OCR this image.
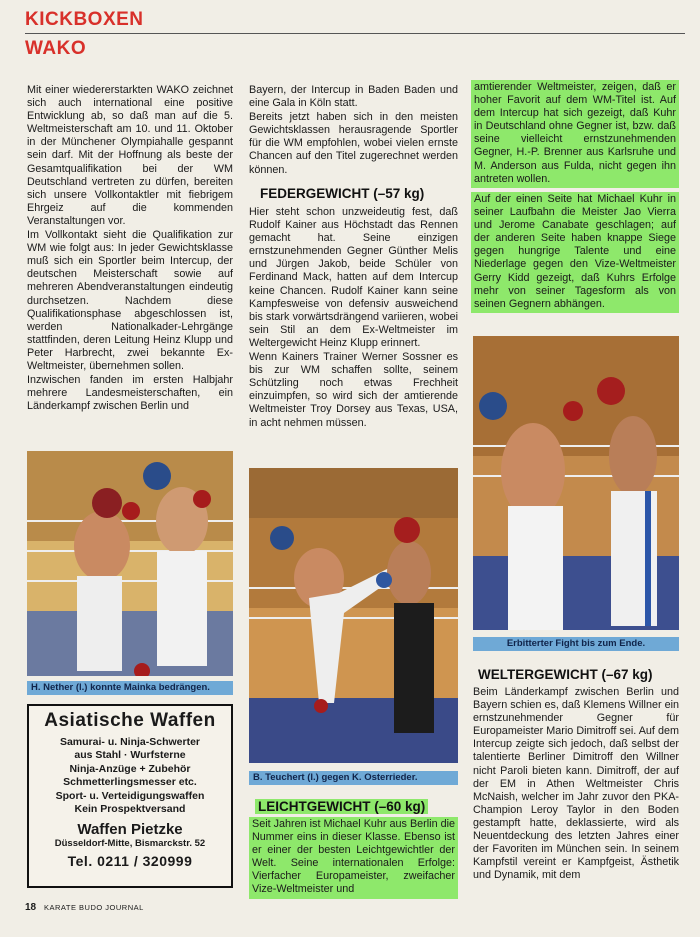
KICKBOXEN
WAKO

Mit einer wiedererstarkten WAKO zeichnet sich auch international eine positive Entwicklung ab, so daß man auf die 5. Weltmeisterschaft am 10. und 11. Oktober in der Münchener Olympiahalle gespannt sein darf. Mit der Hoffnung als beste der Gesamtqualifikation bei der WM Deutschland vertreten zu dürfen, bereiten sich unsere Vollkontaktler mit fiebrigem Ehrgeiz auf die kommenden Veranstaltungen vor.

Im Vollkontakt sieht die Qualifikation zur WM wie folgt aus: In jeder Gewichtsklasse muß sich ein Sportler beim Intercup, der deutschen Meisterschaft sowie auf mehreren Abendveranstaltungen eindeutig durchsetzen. Nachdem diese Qualifikationsphase abgeschlossen ist, werden Nationalkader-Lehrgänge stattfinden, deren Leitung Heinz Klupp und Peter Harbrecht, zwei bekannte Ex-Weltmeister, übernehmen sollen.

Inzwischen fanden im ersten Halbjahr mehrere Landesmeisterschaften, ein Länderkampf zwischen Berlin und

H. Nether (l.) konnte Mainka bedrängen.
Asiatische Waffen
Samurai- u. Ninja-Schwerter
aus Stahl · Wurfsterne
Ninja-Anzüge + Zubehör
Schmetterlingsmesser etc.
Sport- u. Verteidigungswaffen
Kein Prospektversand
Waffen Pietzke
Düsseldorf-Mitte, Bismarckstr. 52
Tel. 0211 / 320999

Bayern, der Intercup in Baden Baden und eine Gala in Köln statt.

Bereits jetzt haben sich in den meisten Gewichtsklassen herausragende Sportler für die WM empfohlen, wobei vielen ernste Chancen auf den Titel zugerechnet werden können.

FEDERGEWICHT (–57 kg)

Hier steht schon unzweideutig fest, daß Rudolf Kainer aus Höchstadt das Rennen gemacht hat. Seine einzigen ernstzunehmenden Gegner Günther Melis und Jürgen Jakob, beide Schüler von Ferdinand Mack, hatten auf dem Intercup keine Chancen. Rudolf Kainer kann seine Kampfesweise von defensiv ausweichend bis stark vorwärtsdrängend variieren, wobei sein Stil an dem Ex-Weltmeister im Weltergewicht Heinz Klupp erinnert.

Wenn Kainers Trainer Werner Sossner es bis zur WM schaffen sollte, seinem Schützling noch etwas Frechheit einzuimpfen, so wird sich der amtierende Weltmeister Troy Dorsey aus Texas, USA, in acht nehmen müssen.

B. Teuchert (l.) gegen K. Osterrieder.
LEICHTGEWICHT (–60 kg)

Seit Jahren ist Michael Kuhr aus Berlin die Nummer eins in dieser Klasse. Ebenso ist er einer der besten Leichtgewichtler der Welt. Seine internationalen Erfolge: Vierfacher Europameister, zweifacher Vize-Weltmeister und

amtierender Weltmeister, zeigen, daß er hoher Favorit auf dem WM-Titel ist. Auf dem Intercup hat sich gezeigt, daß Kuhr in Deutschland ohne Gegner ist, bzw. daß seine vielleicht ernstzunehmenden Gegner, H.-P. Brenner aus Karlsruhe und M. Anderson aus Fulda, nicht gegen ihn antreten wollen.

Auf der einen Seite hat Michael Kuhr in seiner Laufbahn die Meister Jao Vierra und Jerome Canabate geschlagen; auf der anderen Seite haben knappe Siege gegen hungrige Talente und eine Niederlage gegen den Vize-Weltmeister Gerry Kidd gezeigt, daß Kuhrs Erfolge mehr von seiner Tagesform als von seinen Gegnern abhängen.

Erbitterter Fight bis zum Ende.
WELTERGEWICHT (–67 kg)

Beim Länderkampf zwischen Berlin und Bayern schien es, daß Klemens Willner ein ernstzunehmender Gegner für Europameister Mario Dimitroff sei. Auf dem Intercup zeigte sich jedoch, daß selbst der talentierte Berliner Dimitroff den Willner nicht Paroli bieten kann. Dimitroff, der auf der EM in Athen Weltmeister Chris McNaish, welcher im Jahr zuvor den PKA-Champion Leroy Taylor in den Boden gestampft hatte, deklassierte, wird als Neuentdeckung des letzten Jahres einer der Favoriten im München sein. In seinem Kampfstil vereint er Kampfgeist, Ästhetik und Dynamik, mit dem

18 KARATE BUDO JOURNAL
